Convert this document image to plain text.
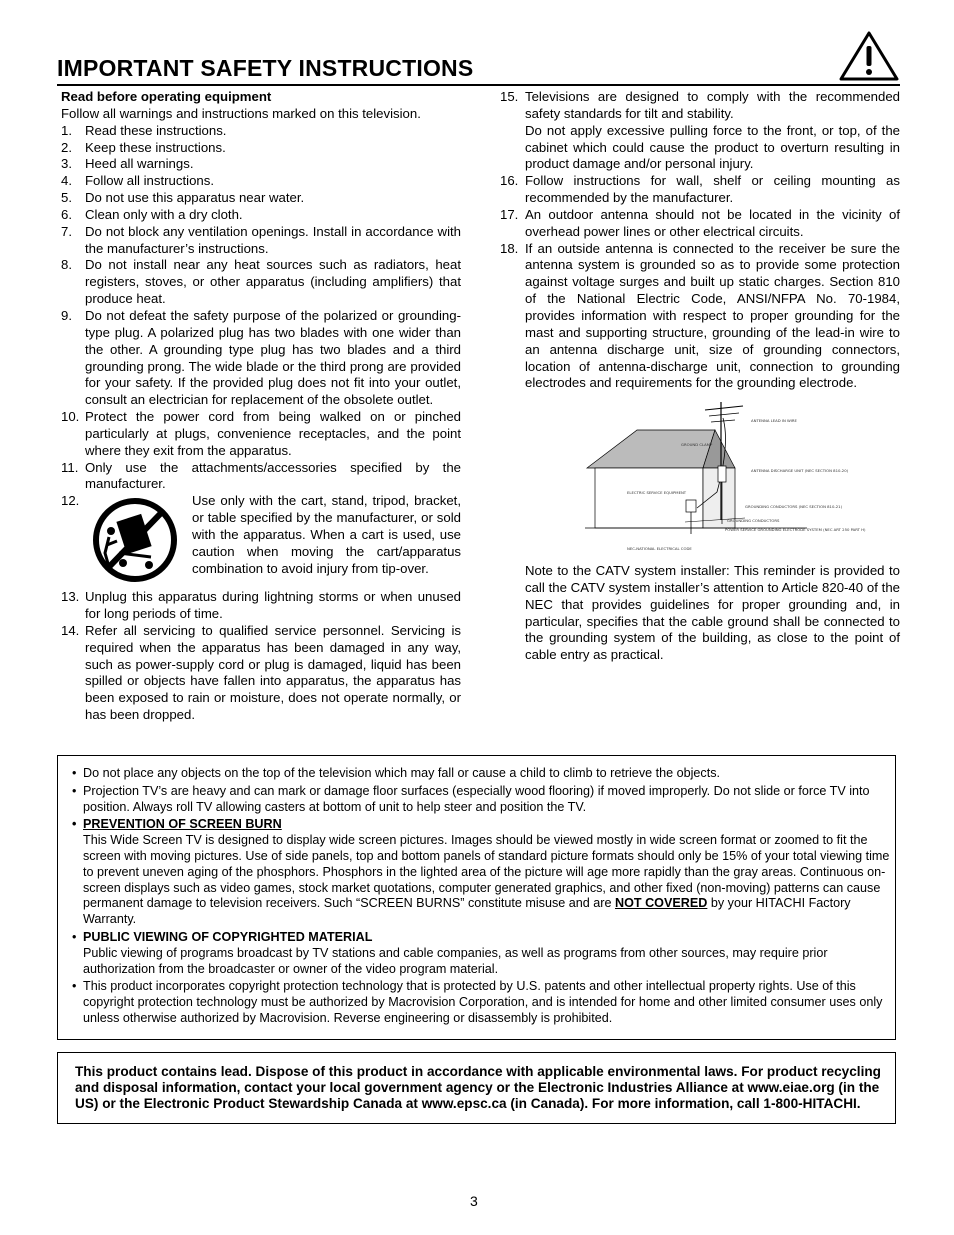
IMPORTANT SAFETY INSTRUCTIONS

Read before operating equipment

Follow all warnings and instructions marked on this television.

1. Read these instructions.
2. Keep these instructions.
3. Heed all warnings.
4. Follow all instructions.
5. Do not use this apparatus near water.
6. Clean only with a dry cloth.
7. Do not block any ventilation openings. Install in accordance with the manufacturer’s instructions.
8. Do not install near any heat sources such as radiators, heat registers, stoves, or other apparatus (including amplifiers) that produce heat.
9. Do not defeat the safety purpose of the polarized or grounding-type plug. A polarized plug has two blades with one wider than the other. A grounding type plug has two blades and a third grounding prong. The wide blade or the third prong are provided for your safety. If the provided plug does not fit into your outlet, consult an electrician for replacement of the obsolete outlet.
10. Protect the power cord from being walked on or pinched particularly at plugs, convenience receptacles, and the point where they exit from the apparatus.
11. Only use the attachments/accessories specified by the manufacturer.
12.	Use only with the cart, stand, tripod, bracket, or table specified by the manufacturer, or sold with the apparatus. When a cart is used, use caution when moving the cart/apparatus combination to avoid injury from tip-over.
13. Unplug this apparatus during lightning storms or when unused for long periods of time.
14. Refer all servicing to qualified service personnel. Servicing is required when the apparatus has been damaged in any way, such as power-supply cord or plug is damaged, liquid has been spilled or objects have fallen into apparatus, the apparatus has been exposed to rain or moisture, does not operate normally, or has been dropped.
15. Televisions are designed to comply with the recommended safety standards for tilt and stability.
Do not apply excessive pulling force to the front, or top, of the cabinet which could cause the product to overturn resulting in product damage and/or personal injury.
16. Follow instructions for wall, shelf or ceiling mounting as recommended by the manufacturer.
17. An outdoor antenna should not be located in the vicinity of overhead power lines or other electrical circuits.
18. If an outside antenna is connected to the receiver be sure the antenna system is grounded so as to provide some protection against voltage surges and built up static charges. Section 810 of the National Electric Code, ANSI/NFPA No. 70-1984, provides information with respect to proper grounding for the mast and supporting structure, grounding of the lead-in wire to an antenna discharge unit, size of grounding connectors, location of antenna-discharge unit, connection to grounding electrodes and requirements for the grounding electrode.
ANTENNA LEAD IN WIRE
GROUND CLAMP
ANTENNA DISCHARGE UNIT (NEC SECTION 810-20)
ELECTRIC SERVICE EQUIPMENT
GROUNDING CONDUCTORS (NEC SECTION 810-21)
GROUNDING CONDUCTORS
POWER SERVICE GROUNDING ELECTRODE SYSTEM (NEC ART 250 PART H)
NEC-NATIONAL ELECTRICAL CODE

Note to the CATV system installer: This reminder is provided to call the CATV system installer’s attention to Article 820-40 of the NEC that provides guidelines for proper grounding and, in particular, specifies that the cable ground shall be connected to the grounding system of the building, as close to the point of cable entry as practical.

• Do not place any objects on the top of the television which may fall or cause a child to climb to retrieve the objects.
• Projection TV’s are heavy and can mark or damage floor surfaces (especially wood flooring) if moved improperly. Do not slide or force TV into position. Always roll TV allowing casters at bottom of unit to help steer and position the TV.
• PREVENTION OF SCREEN BURN
This Wide Screen TV is designed to display wide screen pictures. Images should be viewed mostly in wide screen format or zoomed to fit the screen with moving pictures. Use of side panels, top and bottom panels of standard picture formats should only be 15% of your total viewing time to prevent uneven aging of the phosphors. Phosphors in the lighted area of the picture will age more rapidly than the gray areas. Continuous on-screen displays such as video games, stock market quotations, computer generated graphics, and other fixed (non-moving) patterns can cause permanent damage to television receivers. Such “SCREEN BURNS” constitute misuse and are NOT COVERED by your HITACHI Factory Warranty.
• PUBLIC VIEWING OF COPYRIGHTED MATERIAL
Public viewing of programs broadcast by TV stations and cable companies, as well as programs from other sources, may require prior authorization from the broadcaster or owner of the video program material.
• This product incorporates copyright protection technology that is protected by U.S. patents and other intellectual property rights. Use of this copyright protection technology must be authorized by Macrovision Corporation, and is intended for home and other limited consumer uses only unless otherwise authorized by Macrovision. Reverse engineering or disassembly is prohibited.
This product contains lead. Dispose of this product in accordance with applicable environmental laws. For product recycling and disposal information, contact your local government agency or the Electronic Industries Alliance at www.eiae.org (in the US) or the Electronic Product Stewardship Canada at www.epsc.ca (in Canada). For more information, call 1-800-HITACHI.
3
